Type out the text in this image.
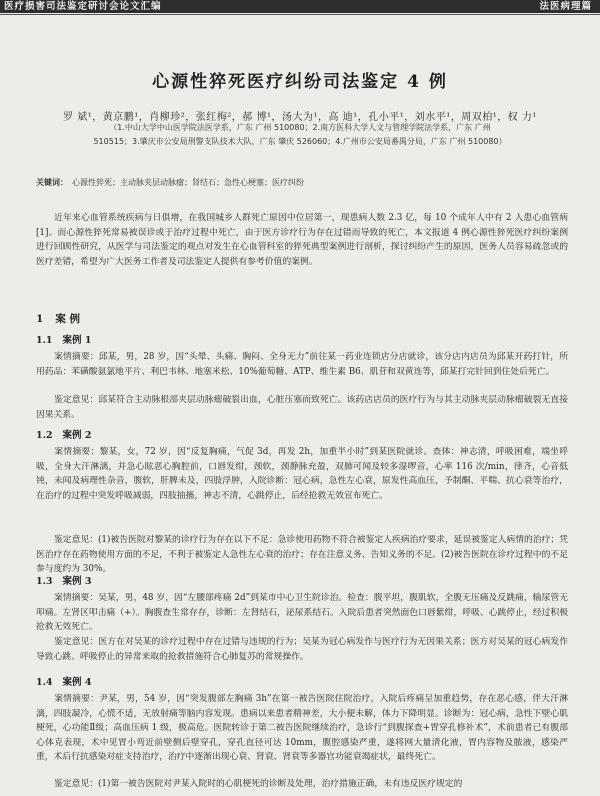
医疗损害司法鉴定研讨会论文汇编	法医病理篇
心源性猝死医疗纠纷司法鉴定 4 例
罗 斌¹，黄京鹏¹，肖柳珍²，张红梅²，郝 博¹，汤大为¹，高 迪¹，孔小平¹，刘水平¹，周双柏¹，权 力¹
（1.中山大学中山医学院法医学系，广东 广州 510080；2.南方医科大学人文与管理学院法学系，广东 广州
510515；3.肇庆市公安局刑警支队技术大队，广东 肇庆 526060；4.广州市公安局番禺分局，广东 广州 510080）
关键词： 心源性猝死；主动脉夹层动脉瘤；肾结石；急性心梗塞；医疗纠纷
近年来心血管系统疾病与日俱增，在我国城乡人群死亡原因中位居第一，现患病人数 2.3 亿，每 10 个成年人中有 2 人患心血管病[1]。而心源性猝死常易被误诊或于治疗过程中死亡，由于医方诊疗行为存在过错而导致的死亡，本文报道 4 例心源性猝死医疗纠纷案例进行回顾性研究，从医学与司法鉴定的观点对发生在心血管科室的猝死典型案例进行剖析，探讨纠纷产生的原因，医务人员容易疏忽或的医疗差错，希望为广大医务工作者及司法鉴定人提供有参考价值的案例。
1 案 例
1.1 案例 1
案情摘要：邱某，男，28 岁，因“头晕、头痛、胸闷、全身无力”前往某一药业连锁店分店就诊，该分店内店员为邱某开药打针，所用药品：苯磺酸氨氯地平片、利巴韦林、地塞米松、10%葡萄糖、ATP、维生素 B6、肌苷和双黄连等，邱某打完针回到住处后死亡。
鉴定意见：邱某符合主动脉根部夹层动脉瘤破裂出血，心脏压塞而致死亡。该药店店员的医疗行为与其主动脉夹层动脉瘤破裂无直接因果关系。
1.2 案例 2
案情摘要：黎某，女，72 岁，因“反复胸痛，气促 3d，再发 2h，加重半小时”到某医院就诊。查体：神志清，呼吸困难，端坐呼吸，全身大汗淋漓，并急心眩恶心胸腔前，口唇发绀，颈软，颈静脉充盈，双肺可闻及较多湿啰音，心率 116 次/min，律齐，心音低钝，未闻及病理性杂音，腹软，肝脾未及，四肢浮肿，入院诊断：冠心病，急性左心衰，原发性高血压，予制酮、平喘、抗心衰等治疗，在治疗的过程中突发呼吸减弱，四肢抽搐，神志不清，心跳停止，后经抢救无效宣布死亡。
鉴定意见：(1)被告医院对黎某的诊疗行为存在以下不足：急诊使用药物不符合被鉴定人疾病治疗要求，延误被鉴定人病情的治疗；凭医治疗存在药物使用方面的不足，不利于被鉴定人急性左心衰的治疗；存在注意义务、告知义务的不足。(2)被告医院在诊疗过程中的不足参与度约为 30%。
1.3 案例 3
案情摘要：吴某，男，48 岁，因“左腰部疼痛 2d”到某市中心卫生院诊治。检查：腹平坦，腹肌软，全腹无压痛及反跳痛，输尿管无叩痛。左肾区叩击痛（+）。胸腹查生常存存，诊断：左肾结石，泌尿系结石。入院后患者突然面色口唇紫绀，呼吸、心跳停止，经过积极抢救无效死亡。
鉴定意见：医方在对吴某的诊疗过程中存在过错与违规的行为；吴某为冠心病发作与医疗行为无因果关系；医方对吴某的冠心病发作导致心跳、呼吸停止的异常来取的抢救措施符合心肺复苏的常规操作。
1.4 案例 4
案情摘要：尹某，男，54 岁，因“突发腹部左胸痛 3h”在第一被告医院住院治疗，入院后疼痛呈加重趋势，存在恶心感，伴大汗淋漓，四肢凝冷，心慌不适，无放射痛等脑内容发现。患病以来患者精神差，大小便未解，体力下降明显。诊断为：冠心病，急性下壁心肌梗死，心功能Ⅱ级；高血压病 1 级，极高危。医院转诊于第二被告医院继续治疗，急诊行“到腹探查+胃穿孔修补术”，术前患者已有腹部心体克表现，术中见胃小弯近前壁侧后壁穿孔，穿孔直径可达 10mm，腹腔感染严重，遂将网大量清化液，胃内容物及脓液，感染严重，术后行抗感染对症支持治疗，治疗中逐渐出现心衰、肾衰、肾衰等多器官功能衰竭症状，最终死亡。
鉴定意见：(1)第一被告医院对尹某入院时的心肌梗死的诊断及处理，治疗措施正确，未有违反医疗规定的
